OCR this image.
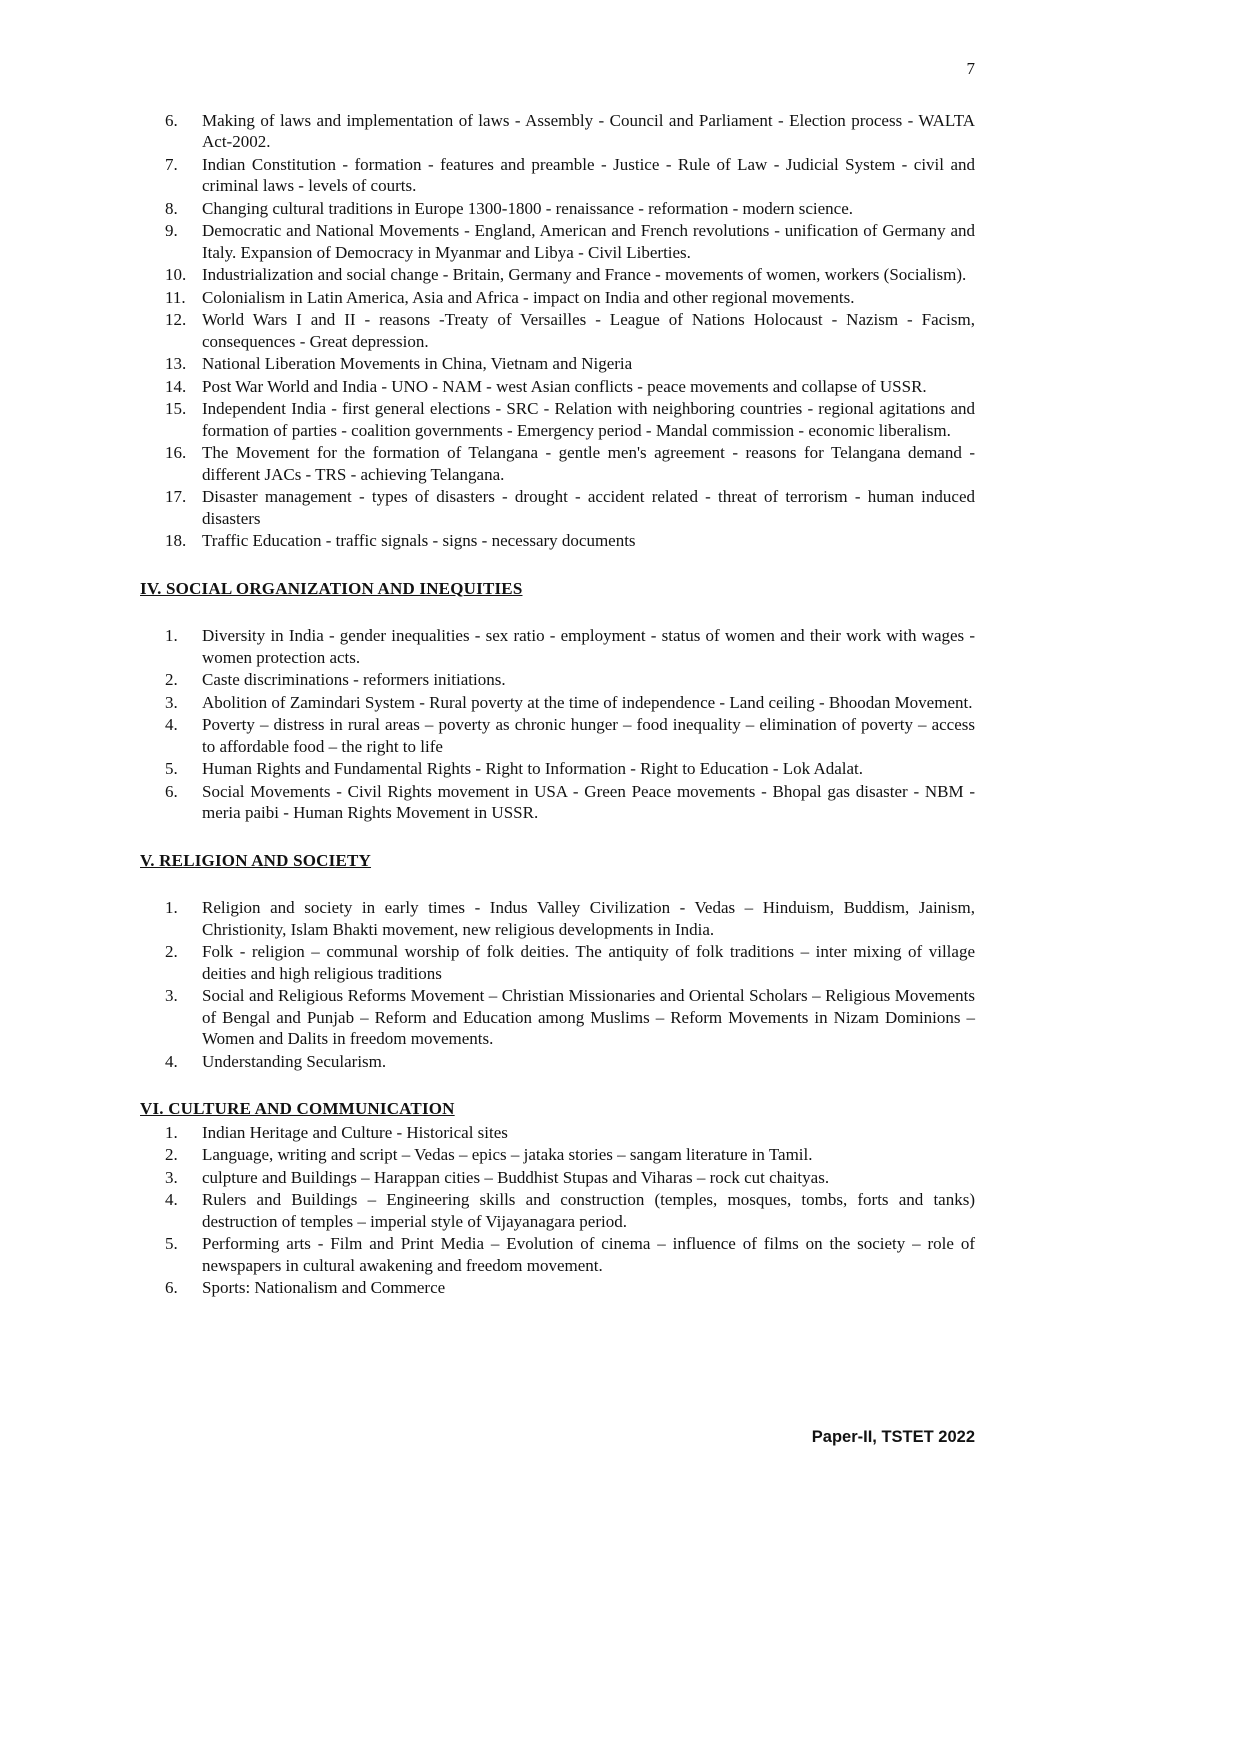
7
6. Making of laws and implementation of laws - Assembly - Council and Parliament - Election process - WALTA Act-2002.
7. Indian Constitution - formation - features and preamble - Justice - Rule of Law - Judicial System - civil and criminal laws - levels of courts.
8. Changing cultural traditions in Europe 1300-1800 - renaissance - reformation - modern science.
9. Democratic and National Movements - England, American and French revolutions - unification of Germany and Italy. Expansion of Democracy in Myanmar and Libya - Civil Liberties.
10. Industrialization and social change - Britain, Germany and France - movements of women, workers (Socialism).
11. Colonialism in Latin America, Asia and Africa - impact on India and other regional movements.
12. World Wars I and II - reasons -Treaty of Versailles - League of Nations Holocaust - Nazism - Facism, consequences - Great depression.
13. National Liberation Movements in China, Vietnam and Nigeria
14. Post War World and India - UNO - NAM - west Asian conflicts - peace movements and collapse of USSR.
15. Independent India - first general elections - SRC - Relation with neighboring countries - regional agitations and formation of parties - coalition governments - Emergency period - Mandal commission - economic liberalism.
16. The Movement for the formation of Telangana - gentle men's agreement - reasons for Telangana demand - different JACs - TRS - achieving Telangana.
17. Disaster management - types of disasters - drought - accident related - threat of terrorism - human induced disasters
18. Traffic Education - traffic signals - signs - necessary documents
IV. SOCIAL ORGANIZATION AND INEQUITIES
1. Diversity in India - gender inequalities - sex ratio - employment - status of women and their work with wages - women protection acts.
2. Caste discriminations - reformers initiations.
3. Abolition of Zamindari System - Rural poverty at the time of independence - Land ceiling - Bhoodan Movement.
4. Poverty – distress in rural areas – poverty as chronic hunger – food inequality – elimination of poverty – access to affordable food – the right to life
5. Human Rights and Fundamental Rights - Right to Information - Right to Education - Lok Adalat.
6. Social Movements - Civil Rights movement in USA - Green Peace movements - Bhopal gas disaster - NBM - meria paibi - Human Rights Movement in USSR.
V. RELIGION AND SOCIETY
1. Religion and society in early times - Indus Valley Civilization - Vedas – Hinduism, Buddism, Jainism, Christionity, Islam Bhakti movement, new religious developments in India.
2. Folk - religion – communal worship of folk deities. The antiquity of folk traditions – inter mixing of village deities and high religious traditions
3. Social and Religious Reforms Movement – Christian Missionaries and Oriental Scholars – Religious Movements of Bengal and Punjab – Reform and Education among Muslims – Reform Movements in Nizam Dominions – Women and Dalits in freedom movements.
4. Understanding Secularism.
VI. CULTURE AND COMMUNICATION
1. Indian Heritage and Culture - Historical sites
2. Language, writing and script – Vedas – epics – jataka stories – sangam literature in Tamil.
3. culpture and Buildings – Harappan cities – Buddhist Stupas and Viharas – rock cut chaityas.
4. Rulers and Buildings – Engineering skills and construction (temples, mosques, tombs, forts and tanks) destruction of temples – imperial style of Vijayanagara period.
5. Performing arts - Film and Print Media – Evolution of cinema – influence of films on the society – role of newspapers in cultural awakening and freedom movement.
6. Sports: Nationalism and Commerce
Paper-II, TSTET 2022
